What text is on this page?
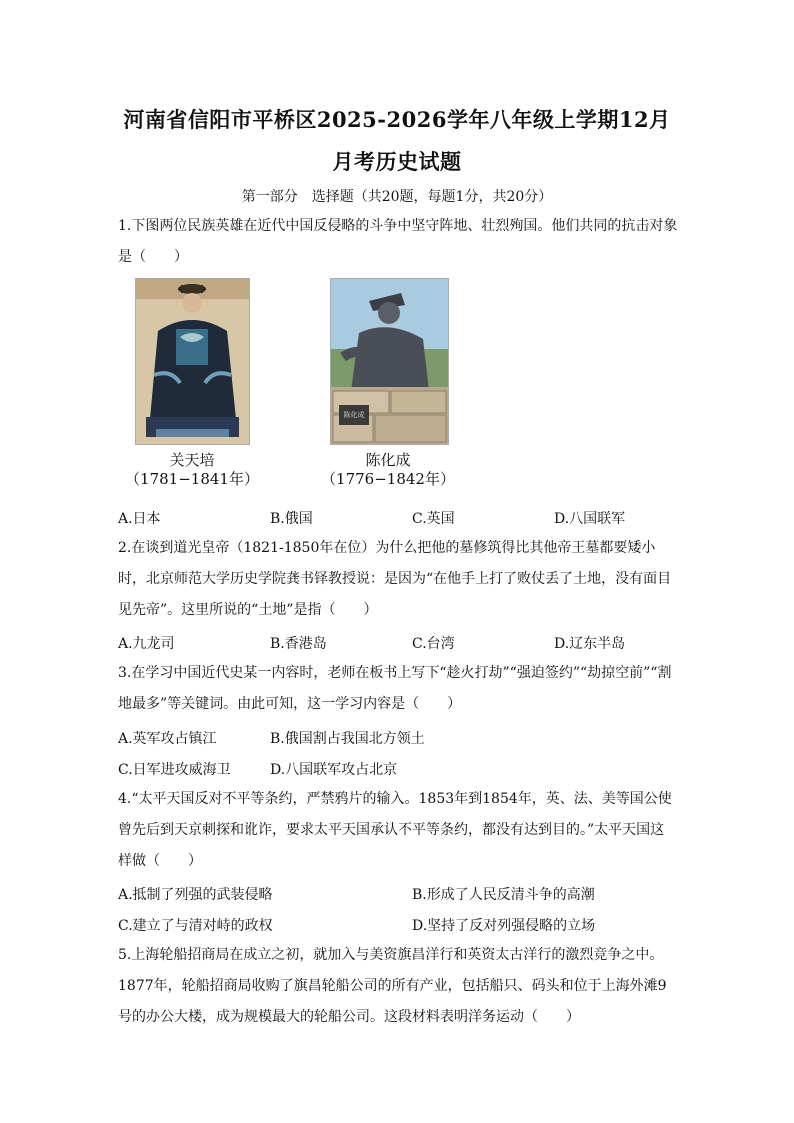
河南省信阳市平桥区2025-2026学年八年级上学期12月
月考历史试题
第一部分　选择题（共20题，每题1分，共20分）

1.下图两位民族英雄在近代中国反侵略的斗争中坚守阵地、壮烈殉国。他们共同的抗击对象是（　　）

陈化成
关天培
（1781−1841年）
陈化成
（1776−1842年）
A.日本	B.俄国	C.英国	D.八国联军

2.在谈到道光皇帝（1821-1850年在位）为什么把他的墓修筑得比其他帝王墓都要矮小时，北京师范大学历史学院龚书铎教授说：是因为“在他手上打了败仗丢了土地，没有面目见先帝”。这里所说的“土地”是指（　　）

A.九龙司	B.香港岛	C.台湾	D.辽东半岛

3.在学习中国近代史某一内容时，老师在板书上写下“趁火打劫”“强迫签约”“劫掠空前”“割地最多”等关键词。由此可知，这一学习内容是（　　）

A.英军攻占镇江	B.俄国割占我国北方领土
C.日军进攻威海卫	D.八国联军攻占北京

4.“太平天国反对不平等条约，严禁鸦片的输入。1853年到1854年，英、法、美等国公使曾先后到天京刺探和讹诈，要求太平天国承认不平等条约，都没有达到目的。”太平天国这样做（　　）

A.抵制了列强的武装侵略	B.形成了人民反清斗争的高潮
C.建立了与清对峙的政权	D.坚持了反对列强侵略的立场

5.上海轮船招商局在成立之初，就加入与美资旗昌洋行和英资太古洋行的激烈竞争之中。1877年，轮船招商局收购了旗昌轮船公司的所有产业，包括船只、码头和位于上海外滩9号的办公大楼，成为规模最大的轮船公司。这段材料表明洋务运动（　　）
